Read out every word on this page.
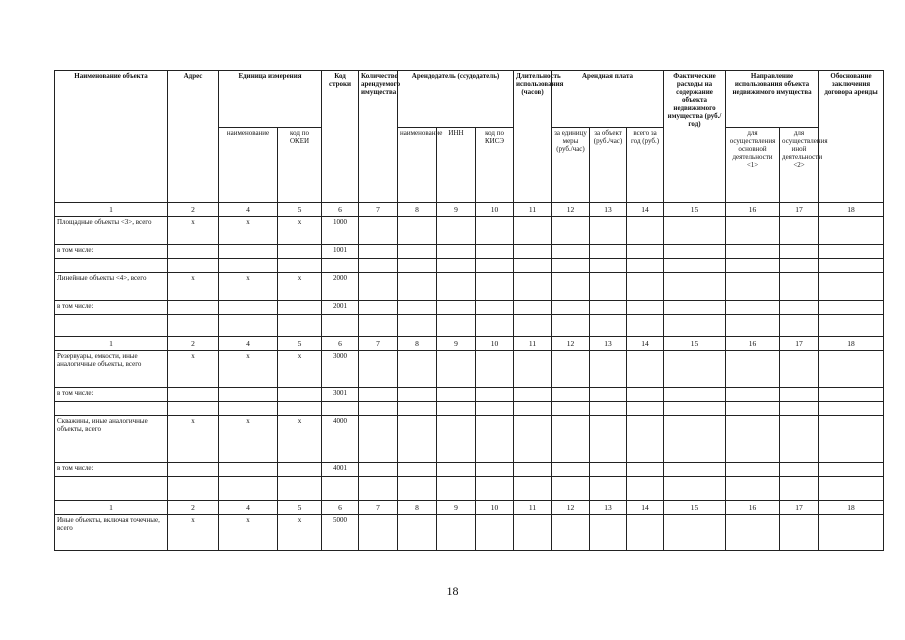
Наименование объекта	Адрес	Единица измерения		Код строки	Количество арендуемого имущества	Арендодатель (ссудодатель)			Длительность использования (часов)	Арендная плата			Фактические расходы на содержание объекта недвижимого имущества (руб./год)	Направление использования объекта недвижимого имущества		Обоснование заключения договора аренды
		наименование	код по ОКЕИ			наименование	ИНН	код по КИСЭ		за единицу меры (руб./час)	за объект (руб./час)	всего за год (руб.)		для осуществления основной деятельности <1>	для осуществления иной деятельности <2>	
1	2	4	5	6	7	8	9	10	11	12	13	14	15	16	17	18
Площадные объекты <3>, всего	x	x	x	1000												
в том числе:				1001												

Линейные объекты <4>, всего	x	x	x	2000												
в том числе:				2001												

1	2	4	5	6	7	8	9	10	11	12	13	14	15	16	17	18
Резервуары, емкости, иные аналогичные объекты, всего	x	x	x	3000												
в том числе:				3001												

Скважины, иные аналогичные объекты, всего	x	x	x	4000												
в том числе:				4001												

1	2	4	5	6	7	8	9	10	11	12	13	14	15	16	17	18
Иные объекты, включая точечные, всего	x	x	x	5000												
18
